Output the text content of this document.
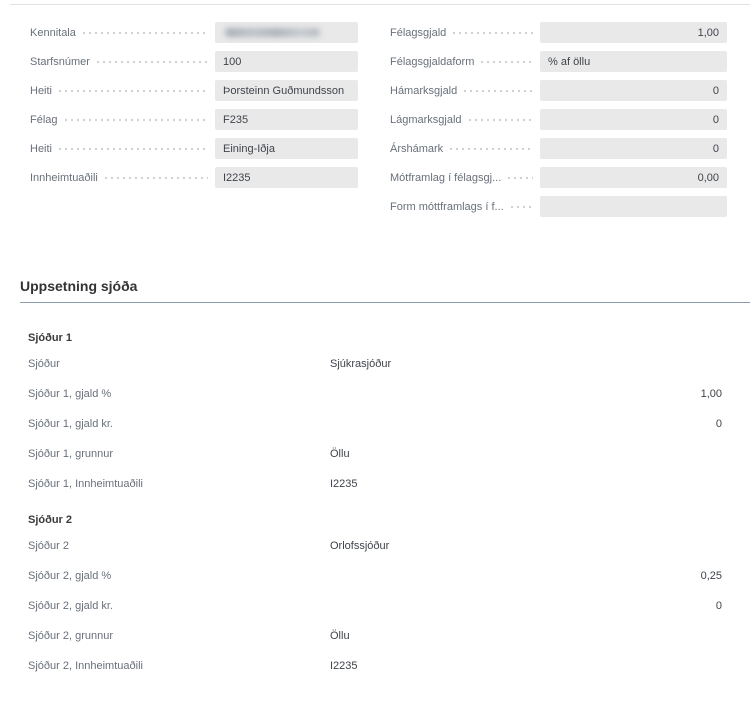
Kennitala
Starfsnúmer	100
Heiti	Þorsteinn Guðmundsson
Félag	F235
Heiti	Eining-Iðja
Innheimtuaðili	I2235
Félagsgjald	1,00
Félagsgjaldaform	% af öllu
Hámarksgjald	0
Lágmarksgjald	0
Árshámark	0
Mótframlag í félagsgj...	0,00
Form móttframlags í f...
Uppsetning sjóða
Sjóður 1
Sjóður	Sjúkrasjóður
Sjóður 1, gjald %	1,00
Sjóður 1, gjald kr.	0
Sjóður 1, grunnur	Öllu
Sjóður 1, Innheimtuaðili	I2235
Sjóður 2
Sjóður 2	Orlofssjóður
Sjóður 2, gjald %	0,25
Sjóður 2, gjald kr.	0
Sjóður 2, grunnur	Öllu
Sjóður 2, Innheimtuaðili	I2235
